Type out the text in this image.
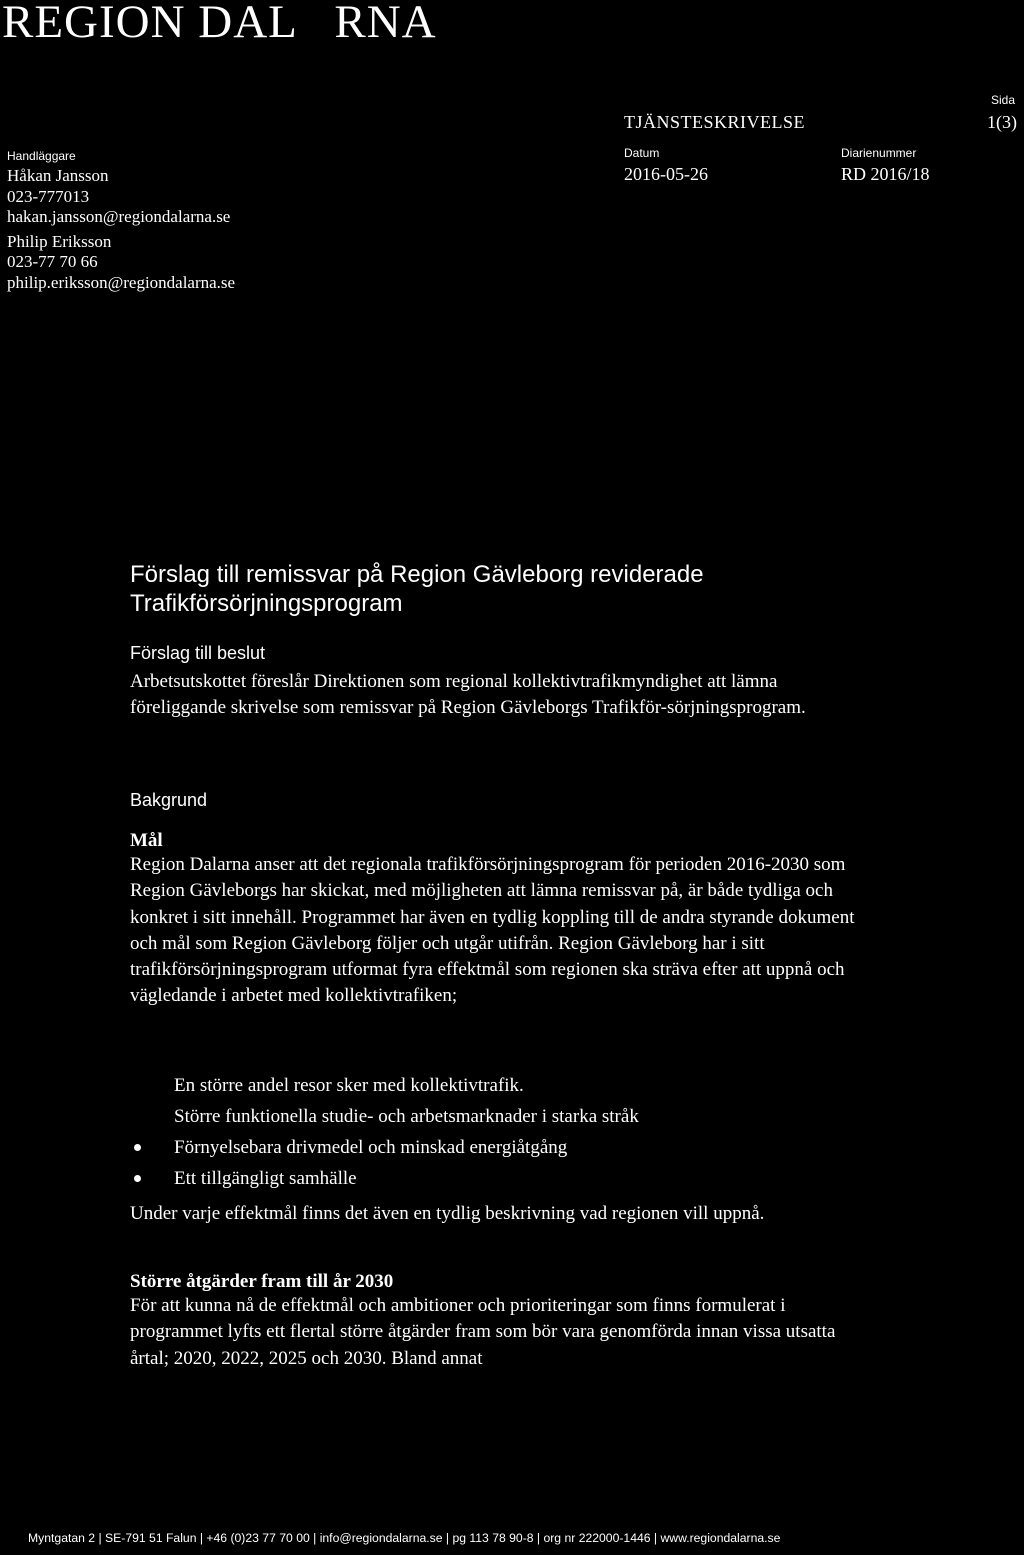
REGION DAL   RNA
TJÄNSTESKRIVELSE
Sida
1(3)
Datum
2016-05-26
Diarienummer
RD 2016/18
Handläggare
Håkan Jansson
023-777013
hakan.jansson@regiondalarna.se
Philip Eriksson
023-77 70 66
philip.eriksson@regiondalarna.se
Förslag till remissvar på Region Gävleborg reviderade Trafikförsörjningsprogram
Förslag till beslut

Arbetsutskottet föreslår Direktionen som regional kollektivtrafikmyndighet att lämna föreliggande skrivelse som remissvar på Region Gävleborgs Trafikför-sörjningsprogram.

Bakgrund
Mål

Region Dalarna anser att det regionala trafikförsörjningsprogram för perioden 2016-2030 som Region Gävleborgs har skickat, med möjligheten att lämna remissvar på, är både tydliga och konkret i sitt innehåll. Programmet har även en tydlig koppling till de andra styrande dokument och mål som Region Gävleborg följer och utgår utifrån. Region Gävleborg har i sitt trafikförsörjningsprogram utformat fyra effektmål som regionen ska sträva efter att uppnå och vägledande i arbetet med kollektivtrafiken;

En större andel resor sker med kollektivtrafik.
Större funktionella studie- och arbetsmarknader i starka stråk
Förnyelsebara drivmedel och minskad energiåtgång
Ett tillgängligt samhälle

Under varje effektmål finns det även en tydlig beskrivning vad regionen vill uppnå.

Större åtgärder fram till år 2030

För att kunna nå de effektmål och ambitioner och prioriteringar som finns formulerat i programmet lyfts ett flertal större åtgärder fram som bör vara genomförda innan vissa utsatta årtal; 2020, 2022, 2025 och 2030. Bland annat

Myntgatan 2 | SE-791 51 Falun | +46 (0)23 77 70 00 | info@regiondalarna.se | pg 113 78 90-8 | org nr 222000-1446 | www.regiondalarna.se
